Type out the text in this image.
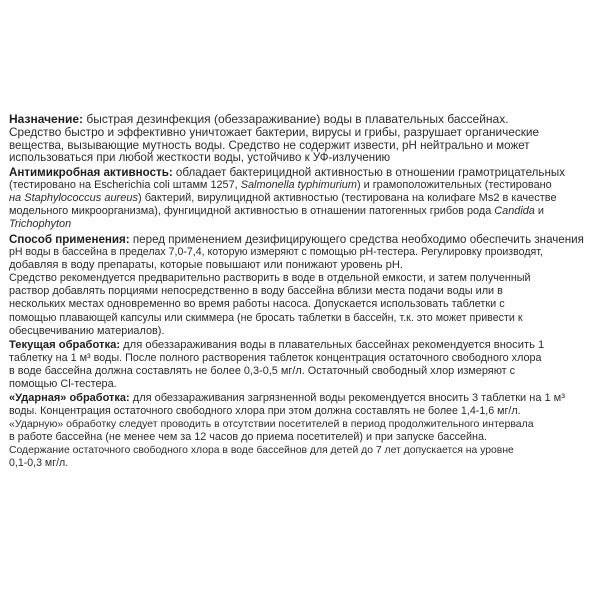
Назначение: быстрая дезинфекция (обеззараживание) воды в плавательных бассейнах.
Средство быстро и эффективно уничтожает бактерии, вирусы и грибы, разрушает органические
вещества, вызывающие мутность воды. Средство не содержит извести, pH нейтрально и может
использоваться при любой жесткости воды, устойчиво к УФ-излучению
Антимикробная активность: обладает бактерицидной активностью в отношении грамотрицательных
(тестировано на Escherichia coli штамм 1257, Salmonella typhimurium) и грамоположительных (тестировано
на Staphylococcus aureus) бактерий, вирулицидной активностью (тестирована на колифаге Ms2 в качестве
модельного микроорганизма), фунгицидной активностью в отнашении патогенных грибов рода Candida и
Trichophyton
Способ применения: перед применением дезифицирующего средства необходимо обеспечить значения
pH воды в бассейна в пределах 7,0-7,4, которую измеряют с помощью pH-тестера. Регулировку производят,
добавляя в воду препараты, которые повышают или понижают уровень pH.
Средство рекомендуется предварительно растворить в воде в отдельной емкости, и затем полученный
раствор добавлять порциями непосредственно в воду бассейна вблизи места подачи воды или в
нескольких местах одновременно во время работы насоса. Допускается использовать таблетки с
помощью плавающей капсулы или скиммера (не бросать таблетки в бассейн, т.к. это может привести к
обесцвечиванию материалов).
Текущая обработка: для обеззараживания воды в плавательных бассейнах рекомендуется вносить 1
таблетку на 1 м³ воды. После полного растворения таблеток концентрация остаточного свободного хлора
в воде бассейна должна составлять не более 0,3-0,5 мг/л. Остаточный свободный хлор измеряют с
помощью Cl-тестера.
«Ударная» обработка: для обеззараживания загрязненной воды рекомендуется вносить 3 таблетки на 1 м³
воды. Концентрация остаточного свободного хлора при этом должна составлять не более 1,4-1,6 мг/л.
«Ударную» обработку следует проводить в отсутствии посетителей в период продолжительного интервала
в работе бассейна (не менее чем за 12 часов до приема посетителей) и при запуске бассейна.
Содержание остаточного свободного хлора в воде бассейнов для детей до 7 лет допускается на уровне
0,1-0,3 мг/л.
